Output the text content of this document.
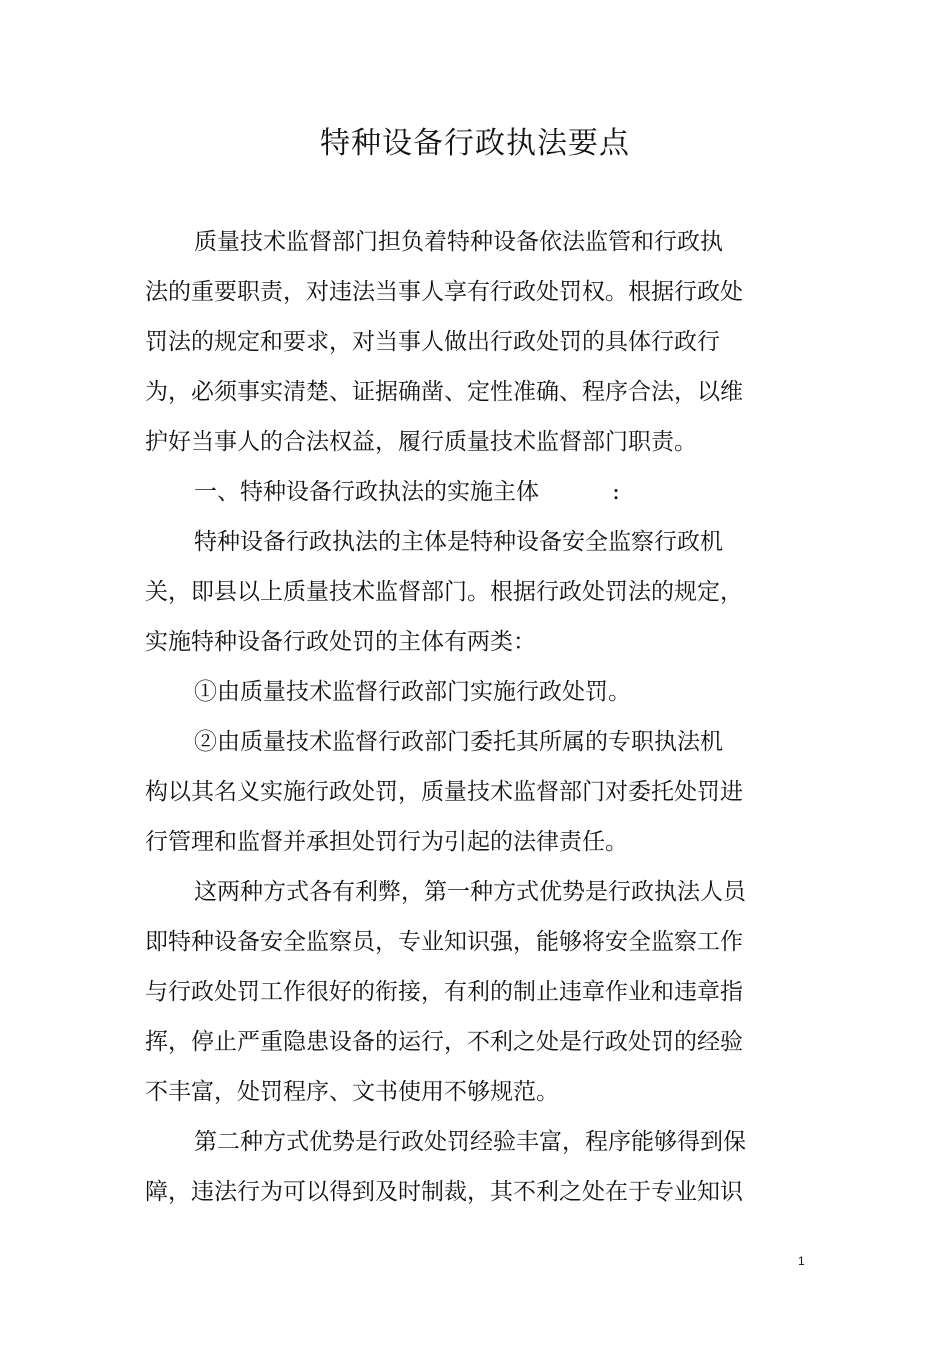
特种设备行政执法要点
质量技术监督部门担负着特种设备依法监管和行政执
法的重要职责，对违法当事人享有行政处罚权。根据行政处
罚法的规定和要求，对当事人做出行政处罚的具体行政行
为，必须事实清楚、证据确凿、定性准确、程序合法，以维
护好当事人的合法权益，履行质量技术监督部门职责。
一、特种设备行政执法的实施主体          :
特种设备行政执法的主体是特种设备安全监察行政机
关，即县以上质量技术监督部门。根据行政处罚法的规定，
实施特种设备行政处罚的主体有两类：
①由质量技术监督行政部门实施行政处罚。
②由质量技术监督行政部门委托其所属的专职执法机
构以其名义实施行政处罚，质量技术监督部门对委托处罚进
行管理和监督并承担处罚行为引起的法律责任。
这两种方式各有利弊，第一种方式优势是行政执法人员
即特种设备安全监察员，专业知识强，能够将安全监察工作
与行政处罚工作很好的衔接，有利的制止违章作业和违章指
挥，停止严重隐患设备的运行，不利之处是行政处罚的经验
不丰富，处罚程序、文书使用不够规范。
第二种方式优势是行政处罚经验丰富，程序能够得到保
障，违法行为可以得到及时制裁，其不利之处在于专业知识
1
